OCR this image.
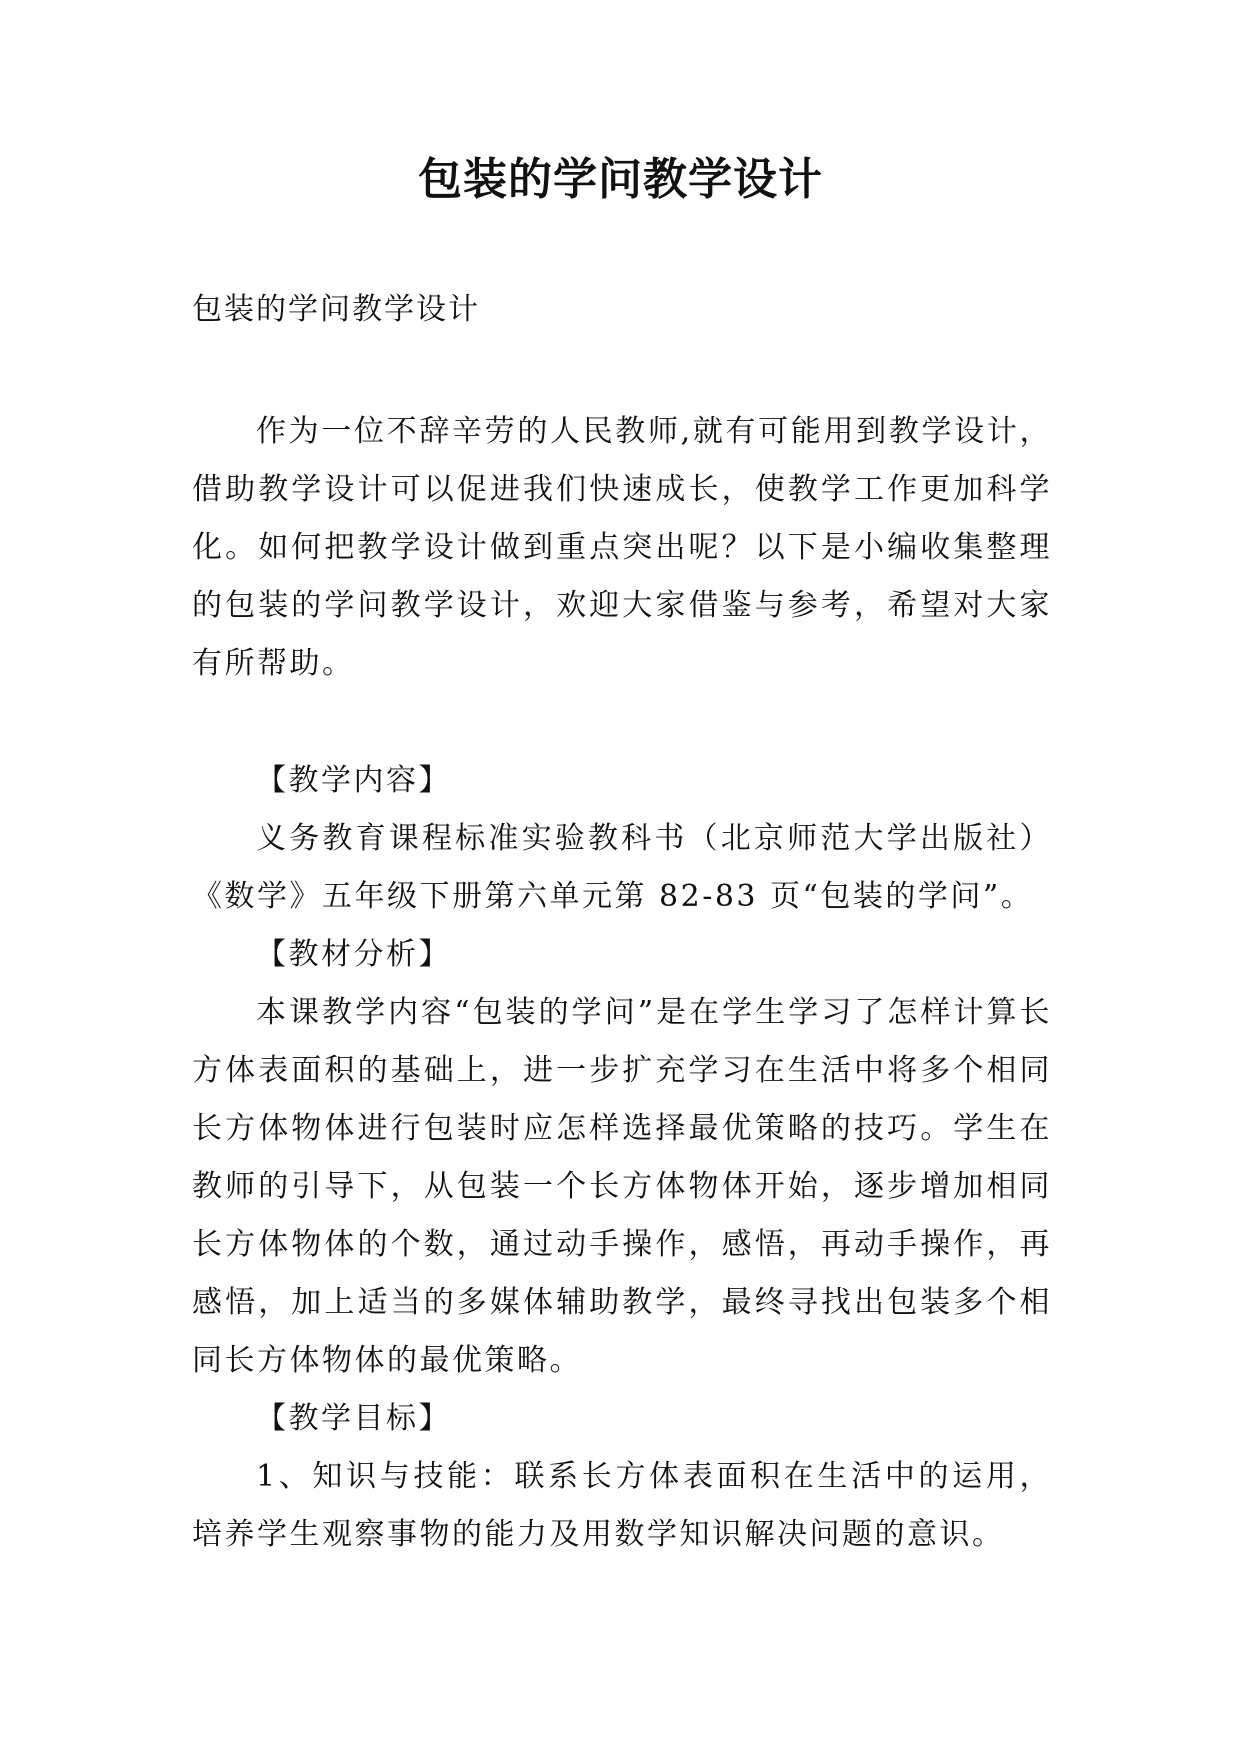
包装的学问教学设计

包装的学问教学设计

作为一位不辞辛劳的人民教师,就有可能用到教学设计，借助教学设计可以促进我们快速成长，使教学工作更加科学化。如何把教学设计做到重点突出呢？以下是小编收集整理的包装的学问教学设计，欢迎大家借鉴与参考，希望对大家有所帮助。

【教学内容】

义务教育课程标准实验教科书（北京师范大学出版社）《数学》五年级下册第六单元第 82-83 页“包装的学问”。

【教材分析】

本课教学内容“包装的学问”是在学生学习了怎样计算长方体表面积的基础上，进一步扩充学习在生活中将多个相同长方体物体进行包装时应怎样选择最优策略的技巧。学生在教师的引导下，从包装一个长方体物体开始，逐步增加相同长方体物体的个数，通过动手操作，感悟，再动手操作，再感悟，加上适当的多媒体辅助教学，最终寻找出包装多个相同长方体物体的最优策略。

【教学目标】

1、知识与技能：联系长方体表面积在生活中的运用，培养学生观察事物的能力及用数学知识解决问题的意识。
